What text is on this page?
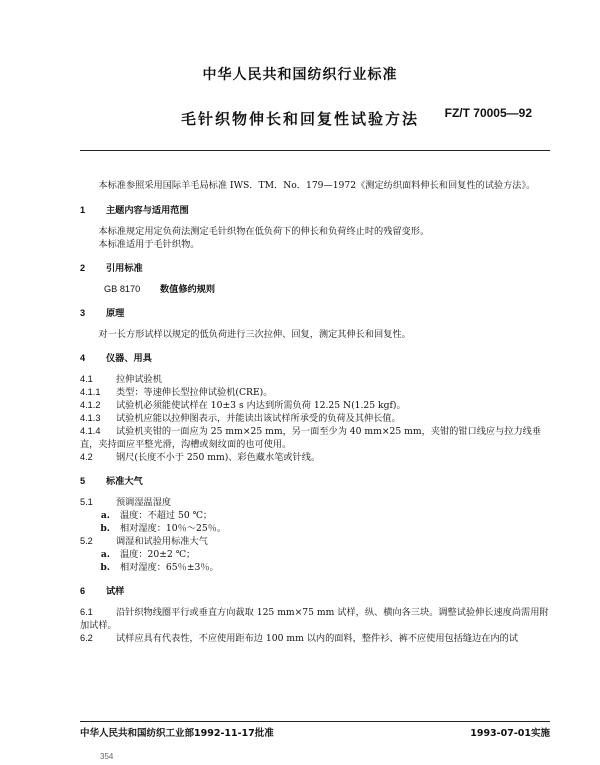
中华人民共和国纺织行业标准
毛针织物伸长和回复性试验方法	FZ/T 70005—92

本标准参照采用国际羊毛局标准 IWS．TM．No．179—1972《测定纺织面料伸长和回复性的试验方法》。

1 主题内容与适用范围

本标准规定用定负荷法测定毛针织物在低负荷下的伸长和负荷终止时的残留变形。

本标准适用于毛针织物。

2 引用标准

GB 8170 数值修约规则

3 原理

对一长方形试样以规定的低负荷进行三次拉伸、回复，测定其伸长和回复性。

4 仪器、用具

4.1	拉伸试验机

4.1.1 类型：等速伸长型拉伸试验机(CRE)。

4.1.2 试验机必须能使试样在 10±3 s 内达到所需负荷 12.25 N(1.25 kgf)。

4.1.3 试验机应能以拉伸图表示，并能读出该试样所承受的负荷及其伸长值。

4.1.4 试验机夹钳的一面应为 25 mm×25 mm，另一面至少为 40 mm×25 mm，夹钳的钳口线应与拉力线垂直，夹持面应平整光滑，沟槽或刻纹面的也可使用。

4.2	钢尺(长度不小于 250 mm)、彩色藏水笔或针线。

5 标准大气

5.1	预调湿温湿度

a. 温度：不超过 50 ℃；

b. 相对湿度：10％～25％。

5.2	调湿和试验用标准大气

a. 温度：20±2 ℃；

b. 相对湿度：65％±3％。

6 试样

6.1	沿针织物线圈平行或垂直方向裁取 125 mm×75 mm 试样，纵、横向各三块。调整试验伸长速度尚需用附加试样。

6.2	试样应具有代表性，不应使用距布边 100 mm 以内的面料，整件衫、裤不应使用包括缝边在内的试

中华人民共和国纺织工业部1992-11-17批准	1993-07-01实施
354
